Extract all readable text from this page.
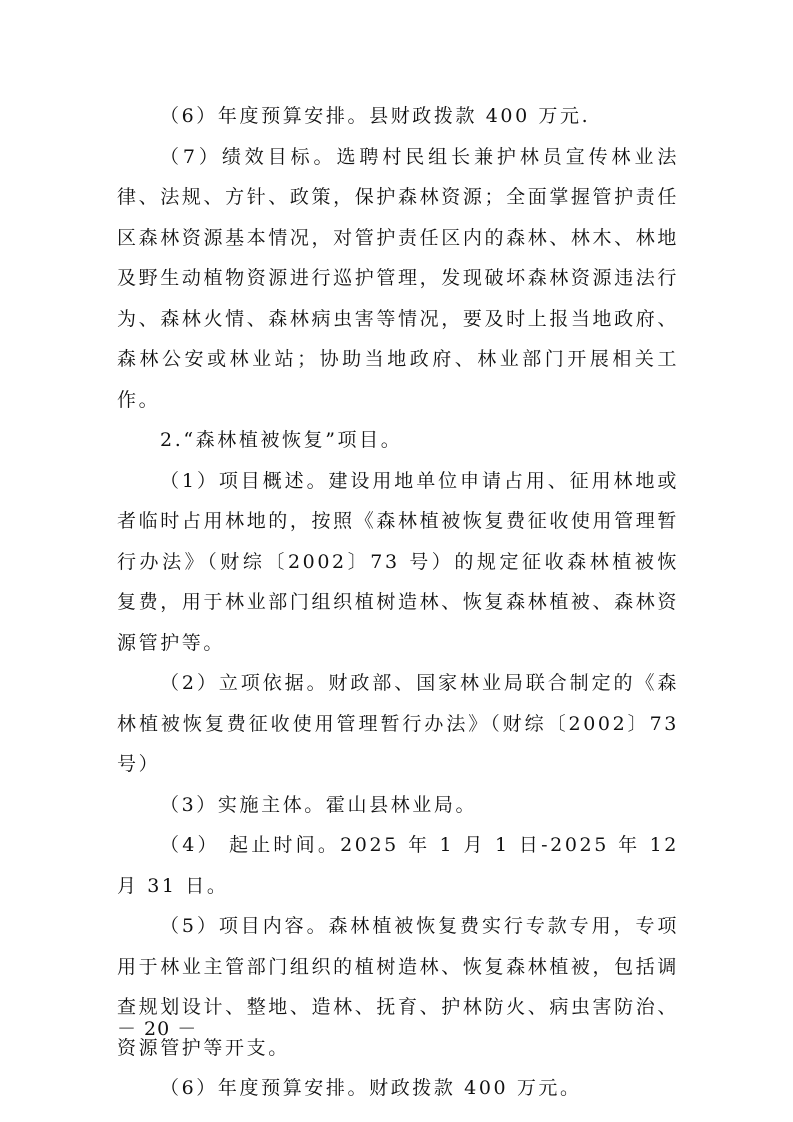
（6）年度预算安排。县财政拨款 400 万元.

（7）绩效目标。选聘村民组长兼护林员宣传林业法律、法规、方针、政策，保护森林资源；全面掌握管护责任区森林资源基本情况，对管护责任区内的森林、林木、林地及野生动植物资源进行巡护管理，发现破坏森林资源违法行为、森林火情、森林病虫害等情况，要及时上报当地政府、森林公安或林业站；协助当地政府、林业部门开展相关工作。

2.“森林植被恢复”项目。

（1）项目概述。建设用地单位申请占用、征用林地或者临时占用林地的，按照《森林植被恢复费征收使用管理暂行办法》（财综〔2002〕73 号）的规定征收森林植被恢复费，用于林业部门组织植树造林、恢复森林植被、森林资源管护等。

（2）立项依据。财政部、国家林业局联合制定的《森林植被恢复费征收使用管理暂行办法》（财综〔2002〕73 号）

（3）实施主体。霍山县林业局。

（4） 起止时间。2025 年 1 月 1 日-2025 年 12 月 31 日。

（5）项目内容。森林植被恢复费实行专款专用，专项用于林业主管部门组织的植树造林、恢复森林植被，包括调查规划设计、整地、造林、抚育、护林防火、病虫害防治、资源管护等开支。

（6）年度预算安排。财政拨款 400 万元。

－ 20 －
